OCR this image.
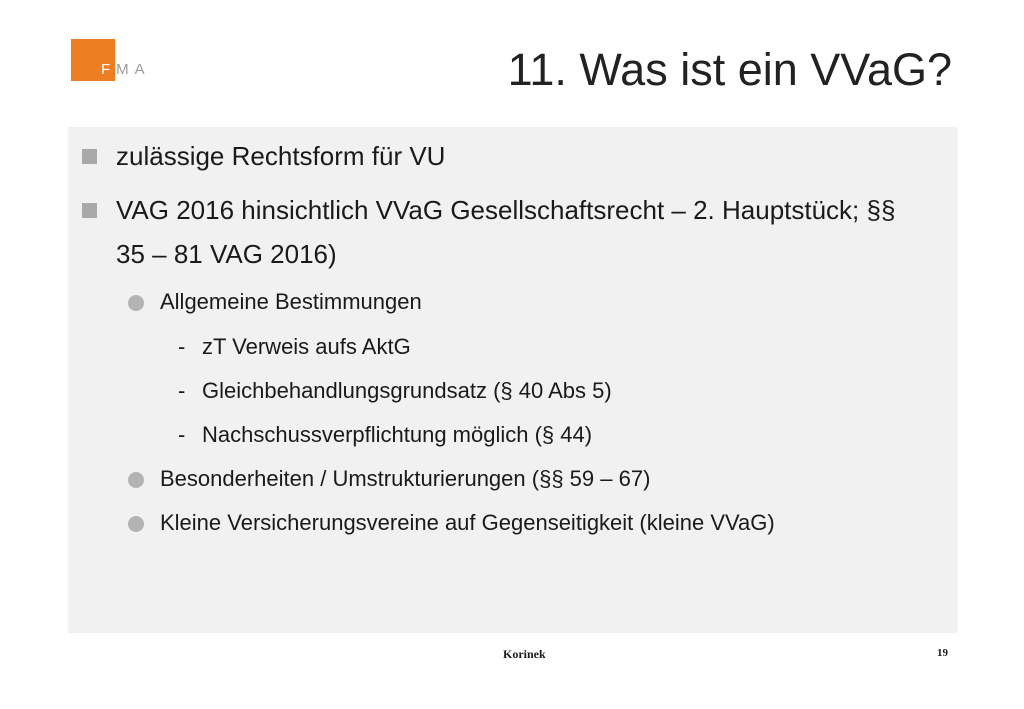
FMA	11. Was ist ein VVaG?
zulässige Rechtsform für VU
VAG 2016 hinsichtlich VVaG Gesellschaftsrecht – 2. Hauptstück; §§ 35 – 81 VAG 2016)
Allgemeine Bestimmungen
- zT Verweis aufs AktG
- Gleichbehandlungsgrundsatz (§ 40 Abs 5)
- Nachschussverpflichtung möglich (§ 44)
Besonderheiten / Umstrukturierungen (§§ 59 – 67)
Kleine Versicherungsvereine auf Gegenseitigkeit (kleine VVaG)
Korinek	19
